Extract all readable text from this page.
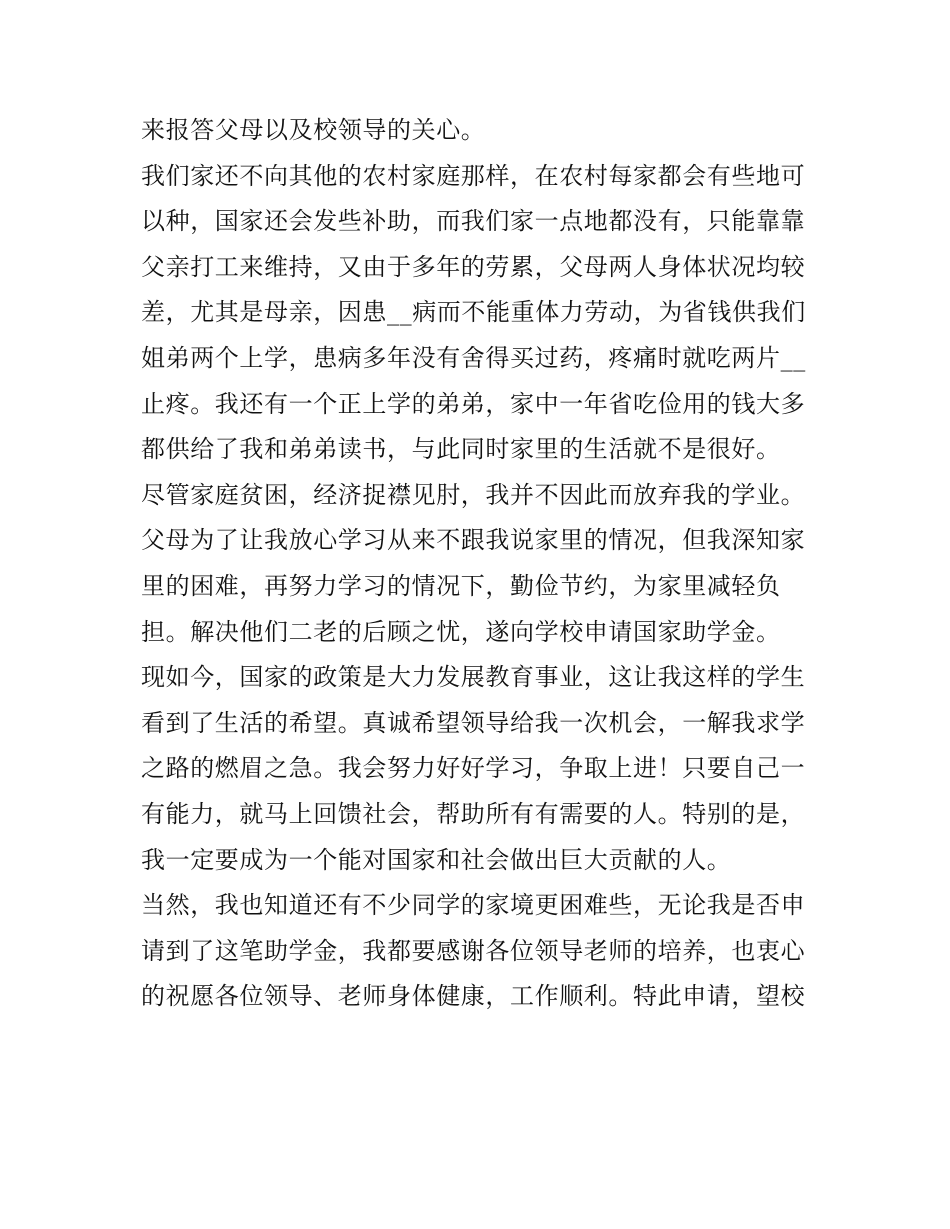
来报答父母以及校领导的关心。
我们家还不向其他的农村家庭那样，在农村每家都会有些地可
以种，国家还会发些补助，而我们家一点地都没有，只能靠靠
父亲打工来维持，又由于多年的劳累，父母两人身体状况均较
差，尤其是母亲，因患__病而不能重体力劳动，为省钱供我们
姐弟两个上学，患病多年没有舍得买过药，疼痛时就吃两片__
止疼。我还有一个正上学的弟弟，家中一年省吃俭用的钱大多
都供给了我和弟弟读书，与此同时家里的生活就不是很好。
尽管家庭贫困，经济捉襟见肘，我并不因此而放弃我的学业。
父母为了让我放心学习从来不跟我说家里的情况，但我深知家
里的困难，再努力学习的情况下，勤俭节约，为家里减轻负
担。解决他们二老的后顾之忧，遂向学校申请国家助学金。
现如今，国家的政策是大力发展教育事业，这让我这样的学生
看到了生活的希望。真诚希望领导给我一次机会，一解我求学
之路的燃眉之急。我会努力好好学习，争取上进！只要自己一
有能力，就马上回馈社会，帮助所有有需要的人。特别的是，
我一定要成为一个能对国家和社会做出巨大贡献的人。
当然，我也知道还有不少同学的家境更困难些，无论我是否申
请到了这笔助学金，我都要感谢各位领导老师的培养，也衷心
的祝愿各位领导、老师身体健康，工作顺利。特此申请，望校
